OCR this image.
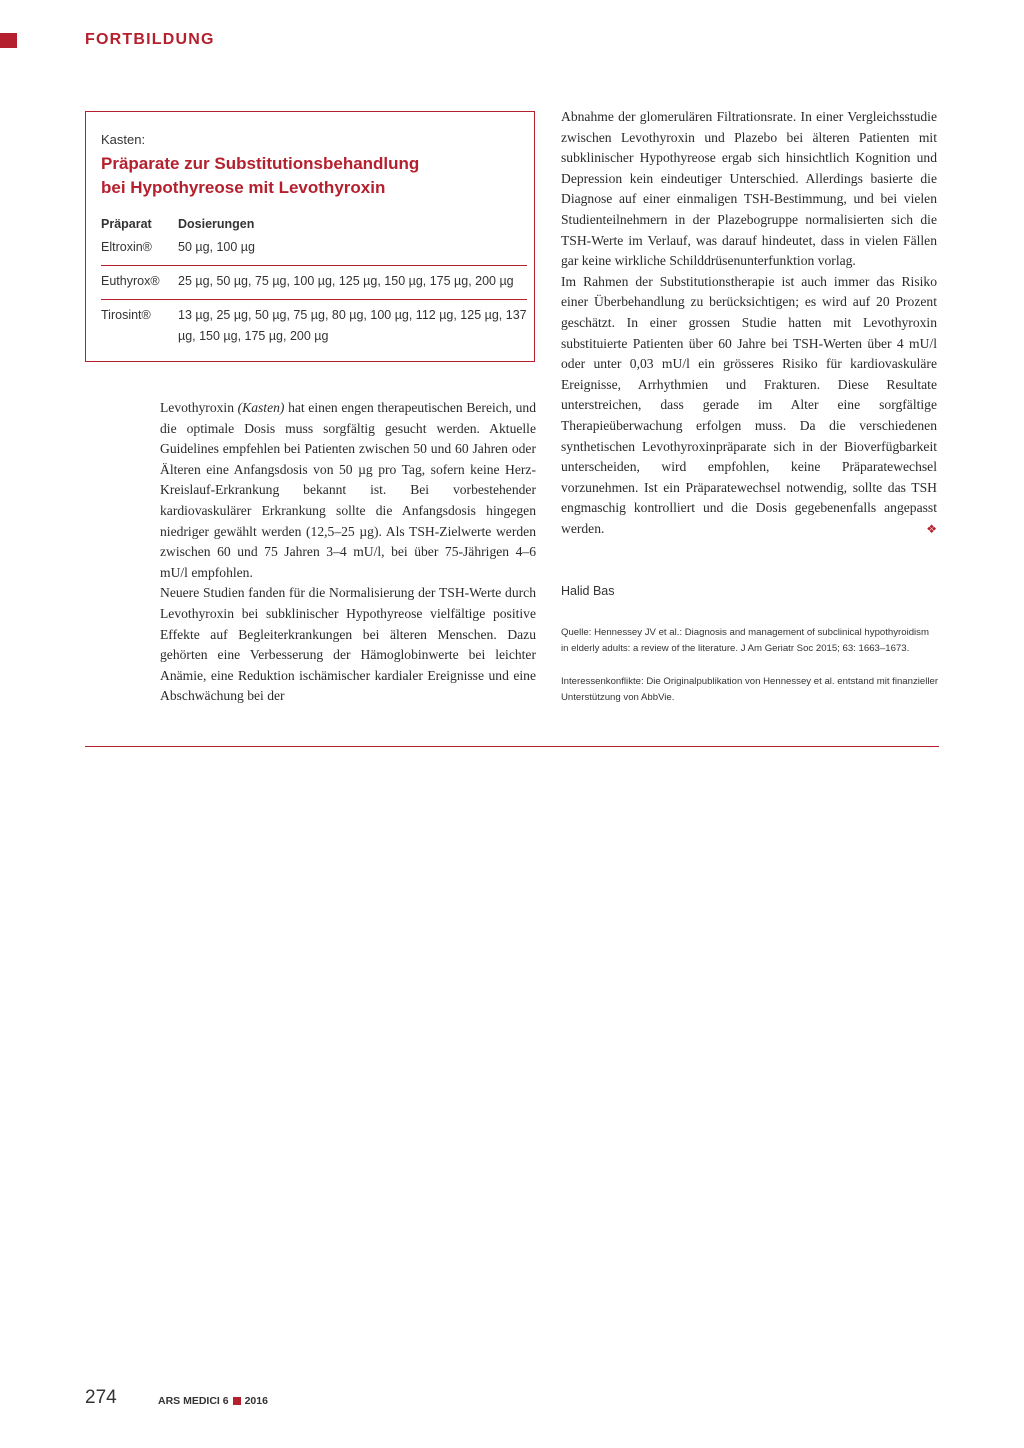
FORTBILDUNG
Kasten:
Präparate zur Substitutionsbehandlung
bei Hypothyreose mit Levothyroxin
Präparat	Dosierungen
Eltroxin®	50 µg, 100 µg
Euthyrox®	25 µg, 50 µg, 75 µg, 100 µg, 125 µg, 150 µg, 175 µg, 200 µg
Tirosint®	13 µg, 25 µg, 50 µg, 75 µg, 80 µg, 100 µg, 112 µg, 125 µg, 137 µg, 150 µg, 175 µg, 200 µg

Levothyroxin (Kasten) hat einen engen therapeutischen Bereich, und die optimale Dosis muss sorgfältig gesucht werden. Aktuelle Guidelines empfehlen bei Patienten zwischen 50 und 60 Jahren oder Älteren eine Anfangsdosis von 50 µg pro Tag, sofern keine Herz-Kreislauf-Erkrankung bekannt ist. Bei vorbestehender kardiovaskulärer Erkrankung sollte die Anfangsdosis hingegen niedriger gewählt werden (12,5–25 µg). Als TSH-Zielwerte werden zwischen 60 und 75 Jahren 3–4 mU/l, bei über 75-Jährigen 4–6 mU/l empfohlen.

Neuere Studien fanden für die Normalisierung der TSH-Werte durch Levothyroxin bei subklinischer Hypothyreose vielfältige positive Effekte auf Begleiterkrankungen bei älteren Menschen. Dazu gehörten eine Verbesserung der Hämoglobinwerte bei leichter Anämie, eine Reduktion ischämischer kardialer Ereignisse und eine Abschwächung bei der

Abnahme der glomerulären Filtrationsrate. In einer Vergleichsstudie zwischen Levothyroxin und Plazebo bei älteren Patienten mit subklinischer Hypothyreose ergab sich hinsichtlich Kognition und Depression kein eindeutiger Unterschied. Allerdings basierte die Diagnose auf einer einmaligen TSH-Bestimmung, und bei vielen Studienteilnehmern in der Plazebogruppe normalisierten sich die TSH-Werte im Verlauf, was darauf hindeutet, dass in vielen Fällen gar keine wirkliche Schilddrüsenunterfunktion vorlag.

Im Rahmen der Substitutionstherapie ist auch immer das Risiko einer Überbehandlung zu berücksichtigen; es wird auf 20 Prozent geschätzt. In einer grossen Studie hatten mit Levothyroxin substituierte Patienten über 60 Jahre bei TSH-Werten über 4 mU/l oder unter 0,03 mU/l ein grösseres Risiko für kardiovaskuläre Ereignisse, Arrhythmien und Frakturen. Diese Resultate unterstreichen, dass gerade im Alter eine sorgfältige Therapieüberwachung erfolgen muss. Da die verschiedenen synthetischen Levothyroxinpräparate sich in der Bioverfügbarkeit unterscheiden, wird empfohlen, keine Präparatewechsel vorzunehmen. Ist ein Präparatewechsel notwendig, sollte das TSH engmaschig kontrolliert und die Dosis gegebenenfalls angepasst werden.	❖

Halid Bas

Quelle: Hennessey JV et al.: Diagnosis and management of subclinical hypothyroidism in elderly adults: a review of the literature. J Am Geriatr Soc 2015; 63: 1663–1673.

Interessenkonflikte: Die Originalpublikation von Hennessey et al. entstand mit finanzieller Unterstützung von AbbVie.

274	ARS MEDICI 6 2016
